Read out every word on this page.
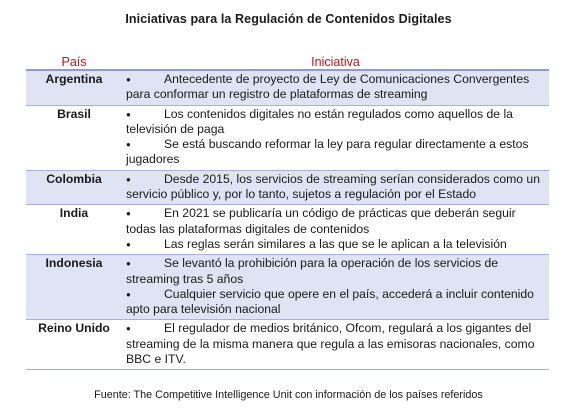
Iniciativas para la Regulación de Contenidos Digitales
País	Iniciativa
Argentina	● Antecedente de proyecto de Ley de Comunicaciones Convergentes para conformar un registro de plataformas de streaming

Brasil	● Los contenidos digitales no están regulados como aquellos de la televisión de paga
● Se está buscando reformar la ley para regular directamente a estos jugadores

Colombia	● Desde 2015, los servicios de streaming serían considerados como un servicio público y, por lo tanto, sujetos a regulación por el Estado

India	● En 2021 se publicaría un código de prácticas que deberán seguir todas las plataformas digitales de contenidos
● Las reglas serán similares a las que se le aplican a la televisión

Indonesia	● Se levantó la prohibición para la operación de los servicios de streaming tras 5 años
● Cualquier servicio que opere en el país, accederá a incluir contenido apto para televisión nacional

Reino Unido	● El regulador de medios británico, Ofcom, regulará a los gigantes del streaming de la misma manera que regula a las emisoras nacionales, como BBC e ITV.
Fuente: The Competitive Intelligence Unit con información de los países referidos
